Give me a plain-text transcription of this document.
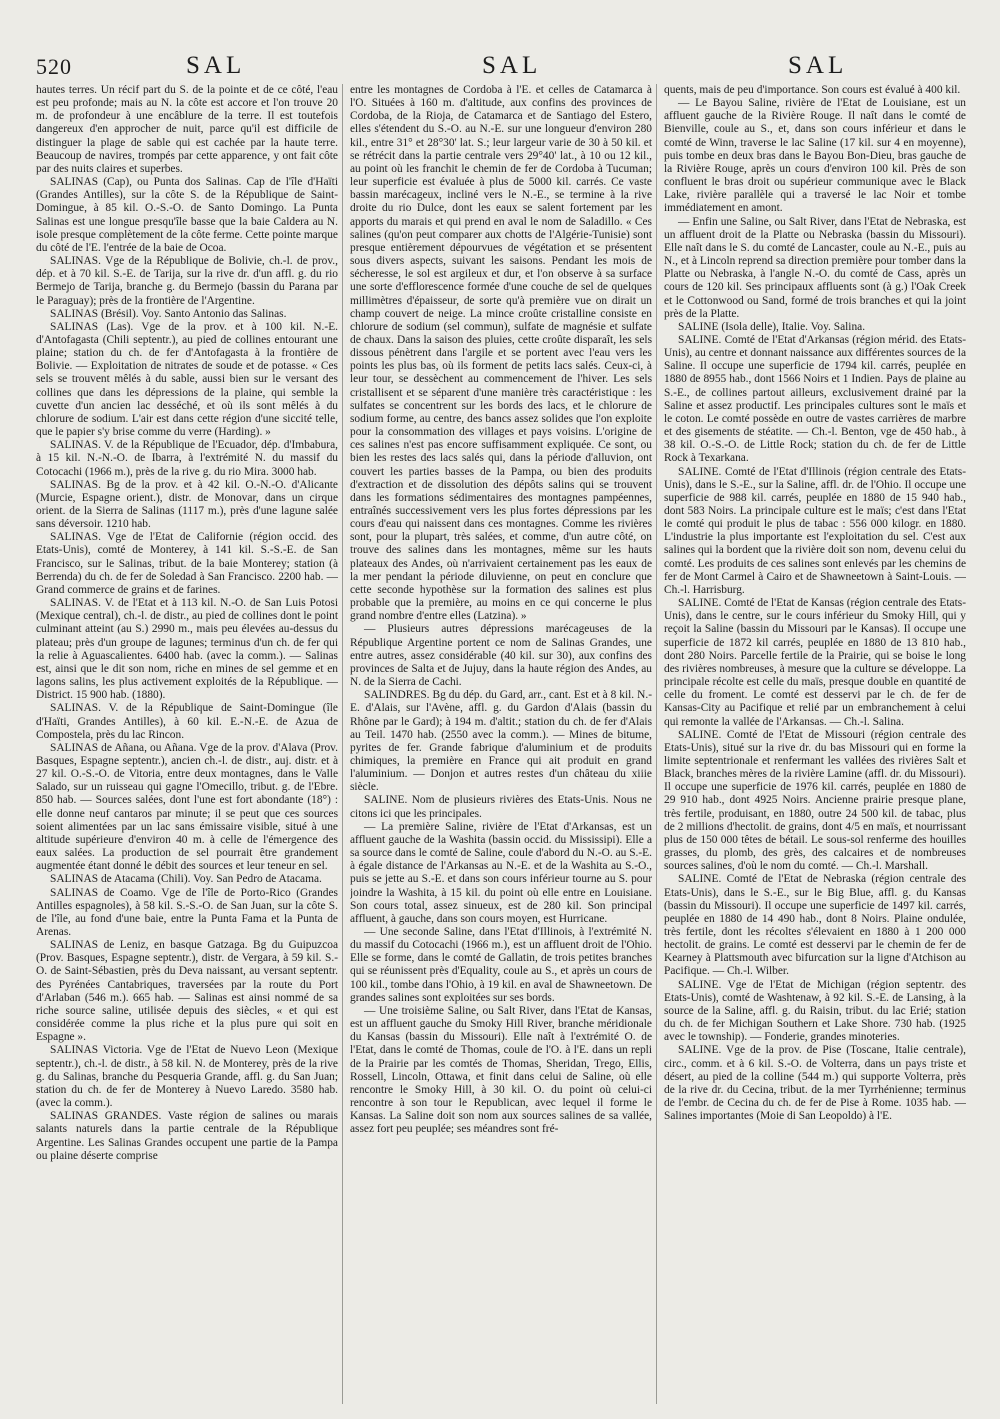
520	SAL	SAL	SAL

hautes terres. Un récif part du S. de la pointe et de ce côté, l'eau est peu profonde; mais au N. la côte est accore et l'on trouve 20 m. de profondeur à une encâblure de la terre. Il est toutefois dangereux d'en approcher de nuit, parce qu'il est difficile de distinguer la plage de sable qui est cachée par la haute terre. Beaucoup de navires, trompés par cette apparence, y ont fait côte par des nuits claires et superbes.

SALINAS (Cap), ou Punta dos Salinas. Cap de l'île d'Haïti (Grandes Antilles), sur la côte S. de la République de Saint-Domingue, à 85 kil. O.-S.-O. de Santo Domingo. La Punta Salinas est une longue presqu'île basse que la baie Caldera au N. isole presque complètement de la côte ferme. Cette pointe marque du côté de l'E. l'entrée de la baie de Ocoa.

SALINAS. Vge de la République de Bolivie, ch.-l. de prov., dép. et à 70 kil. S.-E. de Tarija, sur la rive dr. d'un affl. g. du rio Bermejo de Tarija, branche g. du Bermejo (bassin du Parana par le Paraguay); près de la frontière de l'Argentine.

SALINAS (Brésil). Voy. Santo Antonio das Salinas.

SALINAS (Las). Vge de la prov. et à 100 kil. N.-E. d'Antofagasta (Chili septentr.), au pied de collines entourant une plaine; station du ch. de fer d'Antofagasta à la frontière de Bolivie. — Exploitation de nitrates de soude et de potasse. « Ces sels se trouvent mêlés à du sable, aussi bien sur le versant des collines que dans les dépressions de la plaine, qui semble la cuvette d'un ancien lac desséché, et où ils sont mêlés à du chlorure de sodium. L'air est dans cette région d'une siccité telle, que le papier s'y brise comme du verre (Harding). »

SALINAS. V. de la République de l'Ecuador, dép. d'Imbabura, à 15 kil. N.-N.-O. de Ibarra, à l'extrémité N. du massif du Cotocachi (1966 m.), près de la rive g. du rio Mira. 3000 hab.

SALINAS. Bg de la prov. et à 42 kil. O.-N.-O. d'Alicante (Murcie, Espagne orient.), distr. de Monovar, dans un cirque orient. de la Sierra de Salinas (1117 m.), près d'une lagune salée sans déversoir. 1210 hab.

SALINAS. Vge de l'Etat de Californie (région occid. des Etats-Unis), comté de Monterey, à 141 kil. S.-S.-E. de San Francisco, sur le Salinas, tribut. de la baie Monterey; station (à Berrenda) du ch. de fer de Soledad à San Francisco. 2200 hab. — Grand commerce de grains et de farines.

SALINAS. V. de l'Etat et à 113 kil. N.-O. de San Luis Potosi (Mexique central), ch.-l. de distr., au pied de collines dont le point culminant atteint (au S.) 2990 m., mais peu élevées au-dessus du plateau; près d'un groupe de lagunes; terminus d'un ch. de fer qui la relie à Aguascalientes. 6400 hab. (avec la comm.). — Salinas est, ainsi que le dit son nom, riche en mines de sel gemme et en lagons salins, les plus activement exploités de la République. — District. 15 900 hab. (1880).

SALINAS. V. de la République de Saint-Domingue (île d'Haïti, Grandes Antilles), à 60 kil. E.-N.-E. de Azua de Compostela, près du lac Rincon.

SALINAS de Añana, ou Añana. Vge de la prov. d'Alava (Prov. Basques, Espagne septentr.), ancien ch.-l. de distr., auj. distr. et à 27 kil. O.-S.-O. de Vitoria, entre deux montagnes, dans le Valle Salado, sur un ruisseau qui gagne l'Omecillo, tribut. g. de l'Ebre. 850 hab. — Sources salées, dont l'une est fort abondante (18°) : elle donne neuf cantaros par minute; il se peut que ces sources soient alimentées par un lac sans émissaire visible, situé à une altitude supérieure d'environ 40 m. à celle de l'émergence des eaux salées. La production de sel pourrait être grandement augmentée étant donné le débit des sources et leur teneur en sel.

SALINAS de Atacama (Chili). Voy. San Pedro de Atacama.

SALINAS de Coamo. Vge de l'île de Porto-Rico (Grandes Antilles espagnoles), à 58 kil. S.-S.-O. de San Juan, sur la côte S. de l'île, au fond d'une baie, entre la Punta Fama et la Punta de Arenas.

SALINAS de Leniz, en basque Gatzaga. Bg du Guipuzcoa (Prov. Basques, Espagne septentr.), distr. de Vergara, à 59 kil. S.-O. de Saint-Sébastien, près du Deva naissant, au versant septentr. des Pyrénées Cantabriques, traversées par la route du Port d'Arlaban (546 m.). 665 hab. — Salinas est ainsi nommé de sa riche source saline, utilisée depuis des siècles, « et qui est considérée comme la plus riche et la plus pure qui soit en Espagne ».

SALINAS Victoria. Vge de l'Etat de Nuevo Leon (Mexique septentr.), ch.-l. de distr., à 58 kil. N. de Monterey, près de la rive g. du Salinas, branche du Pesqueria Grande, affl. g. du San Juan; station du ch. de fer de Monterey à Nuevo Laredo. 3580 hab. (avec la comm.).

SALINAS GRANDES. Vaste région de salines ou marais salants naturels dans la partie centrale de la République Argentine. Les Salinas Grandes occupent une partie de la Pampa ou plaine déserte comprise

entre les montagnes de Cordoba à l'E. et celles de Catamarca à l'O. Situées à 160 m. d'altitude, aux confins des provinces de Cordoba, de la Rioja, de Catamarca et de Santiago del Estero, elles s'étendent du S.-O. au N.-E. sur une longueur d'environ 280 kil., entre 31° et 28°30' lat. S.; leur largeur varie de 30 à 50 kil. et se rétrécit dans la partie centrale vers 29°40' lat., à 10 ou 12 kil., au point où les franchit le chemin de fer de Cordoba à Tucuman; leur superficie est évaluée à plus de 5000 kil. carrés. Ce vaste bassin marécageux, incliné vers le N.-E., se termine à la rive droite du rio Dulce, dont les eaux se salent fortement par les apports du marais et qui prend en aval le nom de Saladillo. « Ces salines (qu'on peut comparer aux chotts de l'Algérie-Tunisie) sont presque entièrement dépourvues de végétation et se présentent sous divers aspects, suivant les saisons. Pendant les mois de sécheresse, le sol est argileux et dur, et l'on observe à sa surface une sorte d'efflorescence formée d'une couche de sel de quelques millimètres d'épaisseur, de sorte qu'à première vue on dirait un champ couvert de neige. La mince croûte cristalline consiste en chlorure de sodium (sel commun), sulfate de magnésie et sulfate de chaux. Dans la saison des pluies, cette croûte disparaît, les sels dissous pénètrent dans l'argile et se portent avec l'eau vers les points les plus bas, où ils forment de petits lacs salés. Ceux-ci, à leur tour, se dessèchent au commencement de l'hiver. Les sels cristallisent et se séparent d'une manière très caractéristique : les sulfates se concentrent sur les bords des lacs, et le chlorure de sodium forme, au centre, des bancs assez solides que l'on exploite pour la consommation des villages et pays voisins. L'origine de ces salines n'est pas encore suffisamment expliquée. Ce sont, ou bien les restes des lacs salés qui, dans la période d'alluvion, ont couvert les parties basses de la Pampa, ou bien des produits d'extraction et de dissolution des dépôts salins qui se trouvent dans les formations sédimentaires des montagnes pampéennes, entraînés successivement vers les plus fortes dépressions par les cours d'eau qui naissent dans ces montagnes. Comme les rivières sont, pour la plupart, très salées, et comme, d'un autre côté, on trouve des salines dans les montagnes, même sur les hauts plateaux des Andes, où n'arrivaient certainement pas les eaux de la mer pendant la période diluvienne, on peut en conclure que cette seconde hypothèse sur la formation des salines est plus probable que la première, au moins en ce qui concerne le plus grand nombre d'entre elles (Latzina). »

— Plusieurs autres dépressions marécageuses de la République Argentine portent ce nom de Salinas Grandes, une entre autres, assez considérable (40 kil. sur 30), aux confins des provinces de Salta et de Jujuy, dans la haute région des Andes, au N. de la Sierra de Cachi.

SALINDRES. Bg du dép. du Gard, arr., cant. Est et à 8 kil. N.-E. d'Alais, sur l'Avène, affl. g. du Gardon d'Alais (bassin du Rhône par le Gard); à 194 m. d'altit.; station du ch. de fer d'Alais au Teil. 1470 hab. (2550 avec la comm.). — Mines de bitume, pyrites de fer. Grande fabrique d'aluminium et de produits chimiques, la première en France qui ait produit en grand l'aluminium. — Donjon et autres restes d'un château du xiiie siècle.

SALINE. Nom de plusieurs rivières des Etats-Unis. Nous ne citons ici que les principales.

— La première Saline, rivière de l'Etat d'Arkansas, est un affluent gauche de la Washita (bassin occid. du Mississipi). Elle a sa source dans le comté de Saline, coule d'abord du N.-O. au S.-E. à égale distance de l'Arkansas au N.-E. et de la Washita au S.-O., puis se jette au S.-E. et dans son cours inférieur tourne au S. pour joindre la Washita, à 15 kil. du point où elle entre en Louisiane. Son cours total, assez sinueux, est de 280 kil. Son principal affluent, à gauche, dans son cours moyen, est Hurricane.

— Une seconde Saline, dans l'Etat d'Illinois, à l'extrémité N. du massif du Cotocachi (1966 m.), est un affluent droit de l'Ohio. Elle se forme, dans le comté de Gallatin, de trois petites branches qui se réunissent près d'Equality, coule au S., et après un cours de 100 kil., tombe dans l'Ohio, à 19 kil. en aval de Shawneetown. De grandes salines sont exploitées sur ses bords.

— Une troisième Saline, ou Salt River, dans l'Etat de Kansas, est un affluent gauche du Smoky Hill River, branche méridionale du Kansas (bassin du Missouri). Elle naît à l'extrémité O. de l'Etat, dans le comté de Thomas, coule de l'O. à l'E. dans un repli de la Prairie par les comtés de Thomas, Sheridan, Trego, Ellis, Rossell, Lincoln, Ottawa, et finit dans celui de Saline, où elle rencontre le Smoky Hill, à 30 kil. O. du point où celui-ci rencontre à son tour le Republican, avec lequel il forme le Kansas. La Saline doit son nom aux sources salines de sa vallée, assez fort peu peuplée; ses méandres sont fré-

quents, mais de peu d'importance. Son cours est évalué à 400 kil.

— Le Bayou Saline, rivière de l'Etat de Louisiane, est un affluent gauche de la Rivière Rouge. Il naît dans le comté de Bienville, coule au S., et, dans son cours inférieur et dans le comté de Winn, traverse le lac Saline (17 kil. sur 4 en moyenne), puis tombe en deux bras dans le Bayou Bon-Dieu, bras gauche de la Rivière Rouge, après un cours d'environ 100 kil. Près de son confluent le bras droit ou supérieur communique avec le Black Lake, rivière parallèle qui a traversé le lac Noir et tombe immédiatement en amont.

— Enfin une Saline, ou Salt River, dans l'Etat de Nebraska, est un affluent droit de la Platte ou Nebraska (bassin du Missouri). Elle naît dans le S. du comté de Lancaster, coule au N.-E., puis au N., et à Lincoln reprend sa direction première pour tomber dans la Platte ou Nebraska, à l'angle N.-O. du comté de Cass, après un cours de 120 kil. Ses principaux affluents sont (à g.) l'Oak Creek et le Cottonwood ou Sand, formé de trois branches et qui la joint près de la Platte.

SALINE (Isola delle), Italie. Voy. Salina.

SALINE. Comté de l'Etat d'Arkansas (région mérid. des Etats-Unis), au centre et donnant naissance aux différentes sources de la Saline. Il occupe une superficie de 1794 kil. carrés, peuplée en 1880 de 8955 hab., dont 1566 Noirs et 1 Indien. Pays de plaine au S.-E., de collines partout ailleurs, exclusivement drainé par la Saline et assez productif. Les principales cultures sont le maïs et le coton. Le comté possède en outre de vastes carrières de marbre et des gisements de stéatite. — Ch.-l. Benton, vge de 450 hab., à 38 kil. O.-S.-O. de Little Rock; station du ch. de fer de Little Rock à Texarkana.

SALINE. Comté de l'Etat d'Illinois (région centrale des Etats-Unis), dans le S.-E., sur la Saline, affl. dr. de l'Ohio. Il occupe une superficie de 988 kil. carrés, peuplée en 1880 de 15 940 hab., dont 583 Noirs. La principale culture est le maïs; c'est dans l'Etat le comté qui produit le plus de tabac : 556 000 kilogr. en 1880. L'industrie la plus importante est l'exploitation du sel. C'est aux salines qui la bordent que la rivière doit son nom, devenu celui du comté. Les produits de ces salines sont enlevés par les chemins de fer de Mont Carmel à Cairo et de Shawneetown à Saint-Louis. — Ch.-l. Harrisburg.

SALINE. Comté de l'Etat de Kansas (région centrale des Etats-Unis), dans le centre, sur le cours inférieur du Smoky Hill, qui y reçoit la Saline (bassin du Missouri par le Kansas). Il occupe une superficie de 1872 kil carrés, peuplée en 1880 de 13 810 hab., dont 280 Noirs. Parcelle fertile de la Prairie, qui se boise le long des rivières nombreuses, à mesure que la culture se développe. La principale récolte est celle du maïs, presque double en quantité de celle du froment. Le comté est desservi par le ch. de fer de Kansas-City au Pacifique et relié par un embranchement à celui qui remonte la vallée de l'Arkansas. — Ch.-l. Salina.

SALINE. Comté de l'Etat de Missouri (région centrale des Etats-Unis), situé sur la rive dr. du bas Missouri qui en forme la limite septentrionale et renfermant les vallées des rivières Salt et Black, branches mères de la rivière Lamine (affl. dr. du Missouri). Il occupe une superficie de 1976 kil. carrés, peuplée en 1880 de 29 910 hab., dont 4925 Noirs. Ancienne prairie presque plane, très fertile, produisant, en 1880, outre 24 500 kil. de tabac, plus de 2 millions d'hectolit. de grains, dont 4/5 en maïs, et nourrissant plus de 150 000 têtes de bétail. Le sous-sol renferme des houilles grasses, du plomb, des grès, des calcaires et de nombreuses sources salines, d'où le nom du comté. — Ch.-l. Marshall.

SALINE. Comté de l'Etat de Nebraska (région centrale des Etats-Unis), dans le S.-E., sur le Big Blue, affl. g. du Kansas (bassin du Missouri). Il occupe une superficie de 1497 kil. carrés, peuplée en 1880 de 14 490 hab., dont 8 Noirs. Plaine ondulée, très fertile, dont les récoltes s'élevaient en 1880 à 1 200 000 hectolit. de grains. Le comté est desservi par le chemin de fer de Kearney à Plattsmouth avec bifurcation sur la ligne d'Atchison au Pacifique. — Ch.-l. Wilber.

SALINE. Vge de l'Etat de Michigan (région septentr. des Etats-Unis), comté de Washtenaw, à 92 kil. S.-E. de Lansing, à la source de la Saline, affl. g. du Raisin, tribut. du lac Erié; station du ch. de fer Michigan Southern et Lake Shore. 730 hab. (1925 avec le township). — Fonderie, grandes minoteries.

SALINE. Vge de la prov. de Pise (Toscane, Italie centrale), circ., comm. et à 6 kil. S.-O. de Volterra, dans un pays triste et désert, au pied de la colline (544 m.) qui supporte Volterra, près de la rive dr. du Cecina, tribut. de la mer Tyrrhénienne; terminus de l'embr. de Cecina du ch. de fer de Pise à Rome. 1035 hab. — Salines importantes (Moie di San Leopoldo) à l'E.
